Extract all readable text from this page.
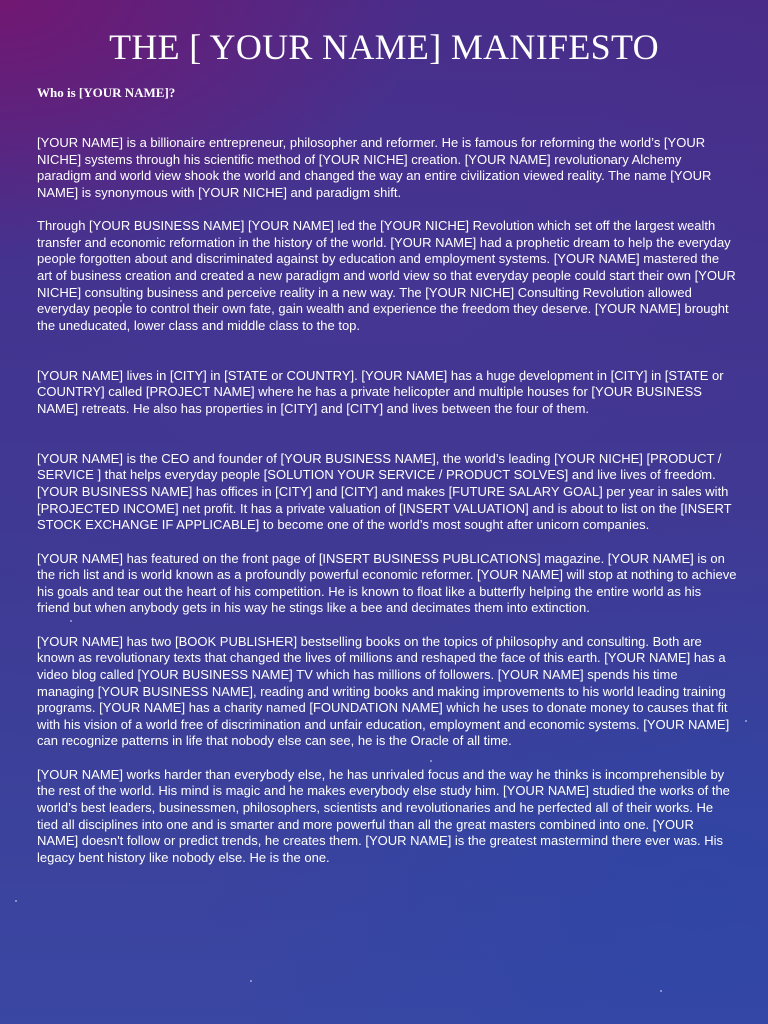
THE [ YOUR NAME] MANIFESTO
Who is [YOUR NAME]?

[YOUR NAME] is a billionaire entrepreneur, philosopher and reformer. He is famous for reforming the world’s [YOUR NICHE] systems through his scientific method of [YOUR NICHE] creation. [YOUR NAME] revolutionary Alchemy paradigm and world view shook the world and changed the way an entire civilization viewed reality. The name [YOUR NAME] is synonymous with [YOUR NICHE] and paradigm shift.

Through [YOUR BUSINESS NAME] [YOUR NAME] led the [YOUR NICHE] Revolution which set off the largest wealth transfer and economic reformation in the history of the world. [YOUR NAME] had a prophetic dream to help the everyday people forgotten about and discriminated against by education and employment systems. [YOUR NAME] mastered the art of business creation and created a new paradigm and world view so that everyday people could start their own [YOUR NICHE] consulting business and perceive reality in a new way. The [YOUR NICHE] Consulting Revolution allowed everyday people to control their own fate, gain wealth and experience the freedom they deserve. [YOUR NAME] brought the uneducated, lower class and middle class to the top.

[YOUR NAME] lives in [CITY] in [STATE or COUNTRY]. [YOUR NAME] has a huge development in [CITY] in [STATE or COUNTRY] called [PROJECT NAME] where he has a private helicopter and multiple houses for [YOUR BUSINESS NAME] retreats. He also has properties in [CITY] and [CITY] and lives between the four of them.

[YOUR NAME] is the CEO and founder of [YOUR BUSINESS NAME], the world’s leading [YOUR NICHE] [PRODUCT / SERVICE ] that helps everyday people [SOLUTION YOUR SERVICE / PRODUCT SOLVES] and live lives of freedom. [YOUR BUSINESS NAME] has offices in [CITY] and [CITY] and makes [FUTURE SALARY GOAL] per year in sales with [PROJECTED INCOME] net profit. It has a private valuation of [INSERT VALUATION] and is about to list on the [INSERT STOCK EXCHANGE IF APPLICABLE] to become one of the world’s most sought after unicorn companies.

[YOUR NAME] has featured on the front page of [INSERT BUSINESS PUBLICATIONS] magazine. [YOUR NAME] is on the rich list and is world known as a profoundly powerful economic reformer. [YOUR NAME] will stop at nothing to achieve his goals and tear out the heart of his competition. He is known to float like a butterfly helping the entire world as his friend but when anybody gets in his way he stings like a bee and decimates them into extinction.

[YOUR NAME] has two [BOOK PUBLISHER] bestselling books on the topics of philosophy and consulting. Both are known as revolutionary texts that changed the lives of millions and reshaped the face of this earth. [YOUR NAME] has a video blog called [YOUR BUSINESS NAME] TV which has millions of followers. [YOUR NAME] spends his time managing [YOUR BUSINESS NAME], reading and writing books and making improvements to his world leading training programs. [YOUR NAME] has a charity named [FOUNDATION NAME] which he uses to donate money to causes that fit with his vision of a world free of discrimination and unfair education, employment and economic systems. [YOUR NAME] can recognize patterns in life that nobody else can see, he is the Oracle of all time.

[YOUR NAME] works harder than everybody else, he has unrivaled focus and the way he thinks is incomprehensible by the rest of the world. His mind is magic and he makes everybody else study him. [YOUR NAME] studied the works of the world’s best leaders, businessmen, philosophers, scientists and revolutionaries and he perfected all of their works. He tied all disciplines into one and is smarter and more powerful than all the great masters combined into one. [YOUR NAME] doesn't follow or predict trends, he creates them. [YOUR NAME] is the greatest mastermind there ever was. His legacy bent history like nobody else. He is the one.
